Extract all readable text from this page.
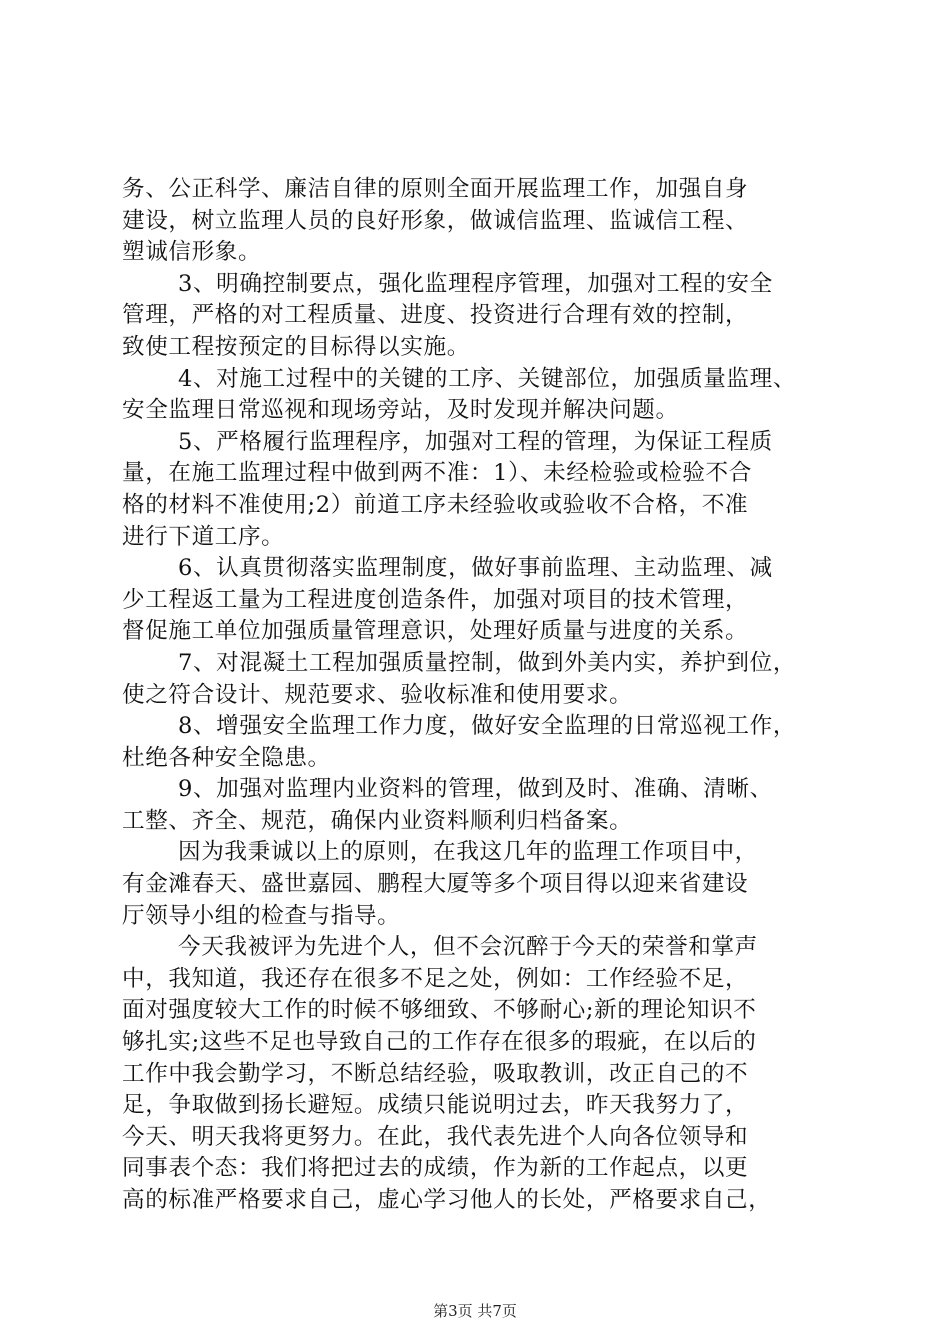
务、公正科学、廉洁自律的原则全面开展监理工作，加强自身
建设，树立监理人员的良好形象，做诚信监理、监诚信工程、
塑诚信形象。
3、明确控制要点，强化监理程序管理，加强对工程的安全
管理，严格的对工程质量、进度、投资进行合理有效的控制，
致使工程按预定的目标得以实施。
4、对施工过程中的关键的工序、关键部位，加强质量监理、
安全监理日常巡视和现场旁站，及时发现并解决问题。
5、严格履行监理程序，加强对工程的管理，为保证工程质
量，在施工监理过程中做到两不准：1）、未经检验或检验不合
格的材料不准使用;2）前道工序未经验收或验收不合格，不准
进行下道工序。
6、认真贯彻落实监理制度，做好事前监理、主动监理、减
少工程返工量为工程进度创造条件，加强对项目的技术管理，
督促施工单位加强质量管理意识，处理好质量与进度的关系。
7、对混凝土工程加强质量控制，做到外美内实，养护到位，
使之符合设计、规范要求、验收标准和使用要求。
8、增强安全监理工作力度，做好安全监理的日常巡视工作，
杜绝各种安全隐患。
9、加强对监理内业资料的管理，做到及时、准确、清晰、
工整、齐全、规范，确保内业资料顺利归档备案。
因为我秉诚以上的原则，在我这几年的监理工作项目中，
有金滩春天、盛世嘉园、鹏程大厦等多个项目得以迎来省建设
厅领导小组的检查与指导。
今天我被评为先进个人，但不会沉醉于今天的荣誉和掌声
中，我知道，我还存在很多不足之处，例如：工作经验不足，
面对强度较大工作的时候不够细致、不够耐心;新的理论知识不
够扎实;这些不足也导致自己的工作存在很多的瑕疵，在以后的
工作中我会勤学习，不断总结经验，吸取教训，改正自己的不
足，争取做到扬长避短。成绩只能说明过去，昨天我努力了，
今天、明天我将更努力。在此，我代表先进个人向各位领导和
同事表个态：我们将把过去的成绩，作为新的工作起点，以更
高的标准严格要求自己，虚心学习他人的长处，严格要求自己，
第3页 共7页
